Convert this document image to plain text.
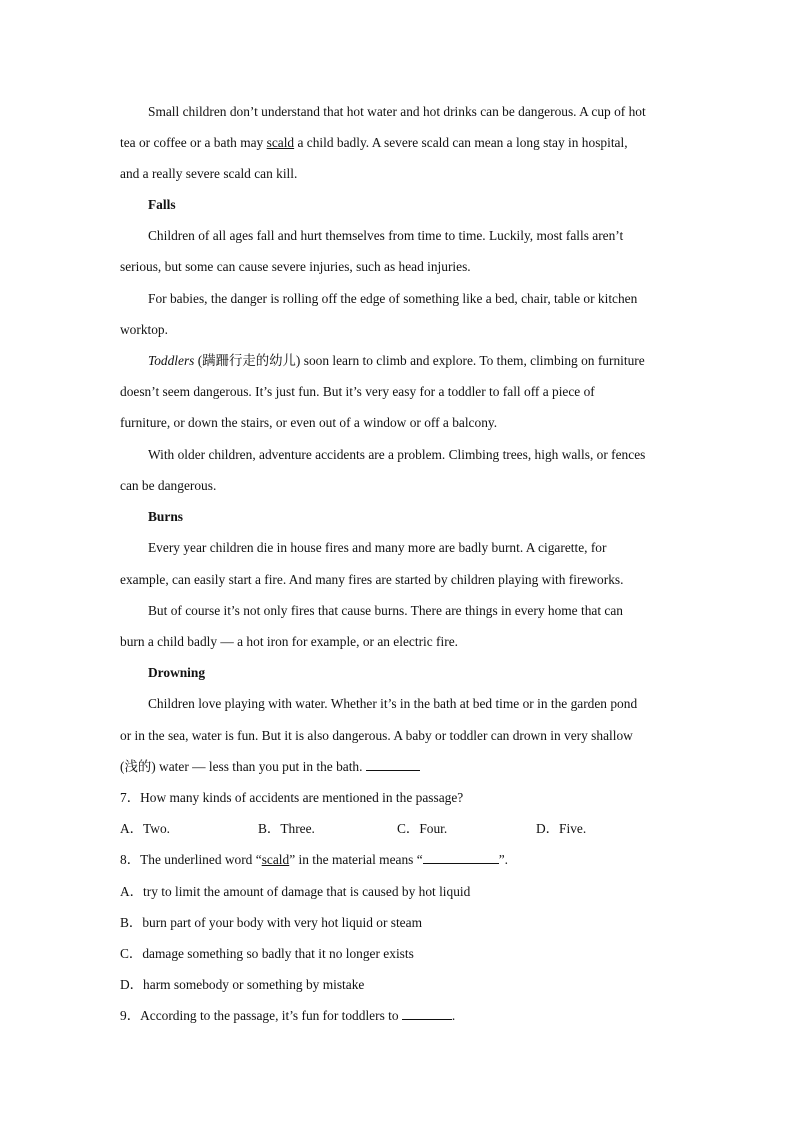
Small children don’t understand that hot water and hot drinks can be dangerous. A cup of hot
tea or coffee or a bath may scald a child badly. A severe scald can mean a long stay in hospital,
and a really severe scald can kill.
Falls
Children of all ages fall and hurt themselves from time to time. Luckily, most falls aren’t
serious, but some can cause severe injuries, such as head injuries.
For babies, the danger is rolling off the edge of something like a bed, chair, table or kitchen
worktop.
Toddlers (蹒跚行走的幼儿) soon learn to climb and explore. To them, climbing on furniture
doesn’t seem dangerous. It’s just fun. But it’s very easy for a toddler to fall off a piece of
furniture, or down the stairs, or even out of a window or off a balcony.
With older children, adventure accidents are a problem. Climbing trees, high walls, or fences
can be dangerous.
Burns
Every year children die in house fires and many more are badly burnt. A cigarette, for
example, can easily start a fire. And many fires are started by children playing with fireworks.
But of course it’s not only fires that cause burns. There are things in every home that can
burn a child badly — a hot iron for example, or an electric fire.
Drowning
Children love playing with water. Whether it’s in the bath at bed time or in the garden pond
or in the sea, water is fun. But it is also dangerous. A baby or toddler can drown in very shallow
(浅的) water — less than you put in the bath.
7．How many kinds of accidents are mentioned in the passage?
A．Two.	B．Three.	C．Four.	D．Five.
8．The underlined word “scald” in the material means “	”.
A．try to limit the amount of damage that is caused by hot liquid
B．burn part of your body with very hot liquid or steam
C．damage something so badly that it no longer exists
D．harm somebody or something by mistake
9．According to the passage, it’s fun for toddlers to	.
